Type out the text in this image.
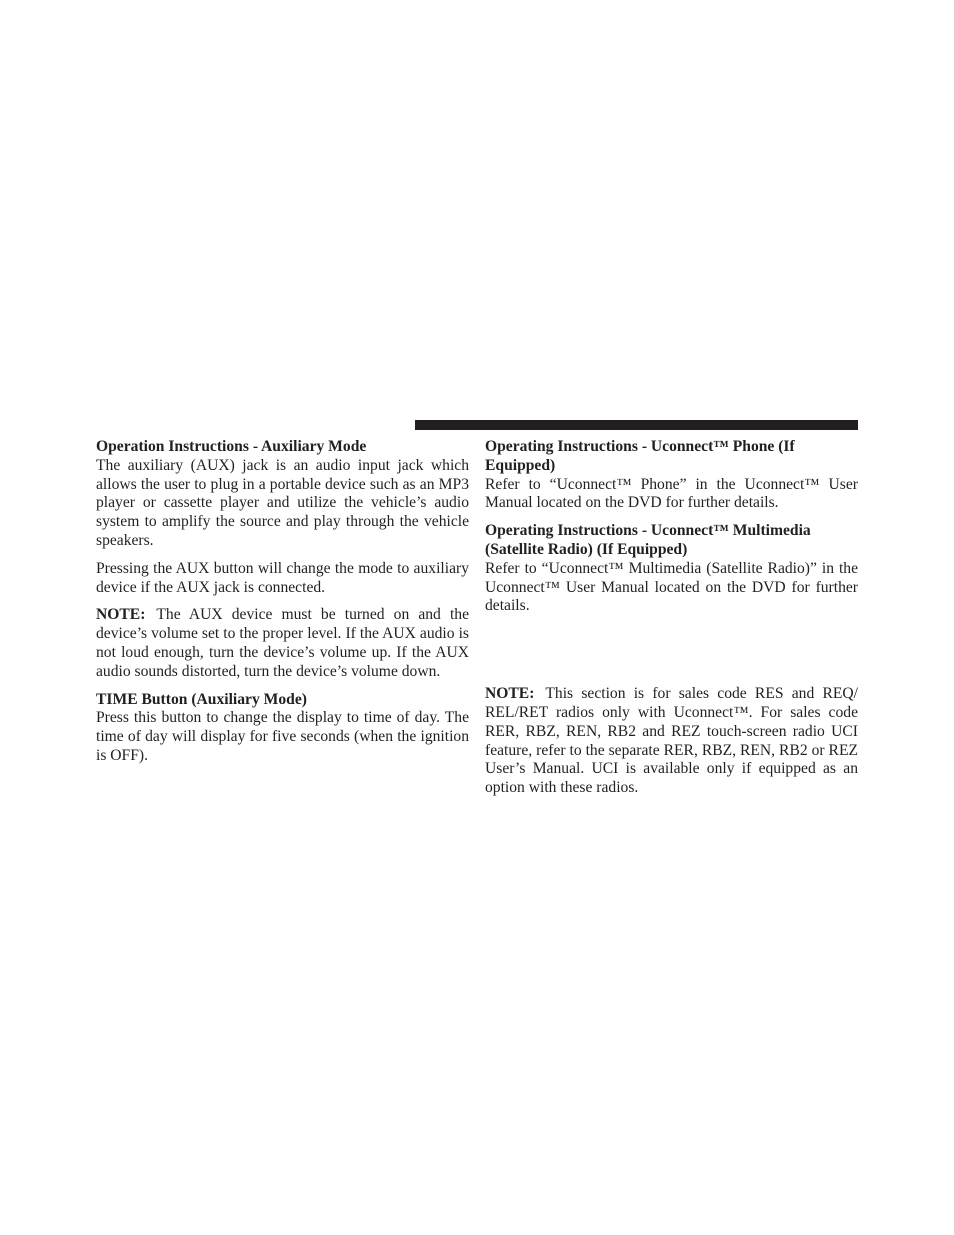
Operation Instructions - Auxiliary Mode

The auxiliary (AUX) jack is an audio input jack which allows the user to plug in a portable device such as an MP3 player or cassette player and utilize the vehicle’s audio system to amplify the source and play through the vehicle speakers.

Pressing the AUX button will change the mode to auxiliary device if the AUX jack is connected.

NOTE: The AUX device must be turned on and the device’s volume set to the proper level. If the AUX audio is not loud enough, turn the device’s volume up. If the AUX audio sounds distorted, turn the device’s volume down.

TIME Button (Auxiliary Mode)

Press this button to change the display to time of day. The time of day will display for five seconds (when the ignition is OFF).

Operating Instructions - Uconnect™ Phone (If Equipped)

Refer to “Uconnect™ Phone” in the Uconnect™ User Manual located on the DVD for further details.

Operating Instructions - Uconnect™ Multimedia (Satellite Radio) (If Equipped)

Refer to “Uconnect™ Multimedia (Satellite Radio)” in the Uconnect™ User Manual located on the DVD for further details.

NOTE: This section is for sales code RES and REQ/ REL/RET radios only with Uconnect™. For sales code RER, RBZ, REN, RB2 and REZ touch-screen radio UCI feature, refer to the separate RER, RBZ, REN, RB2 or REZ User’s Manual. UCI is available only if equipped as an option with these radios.
